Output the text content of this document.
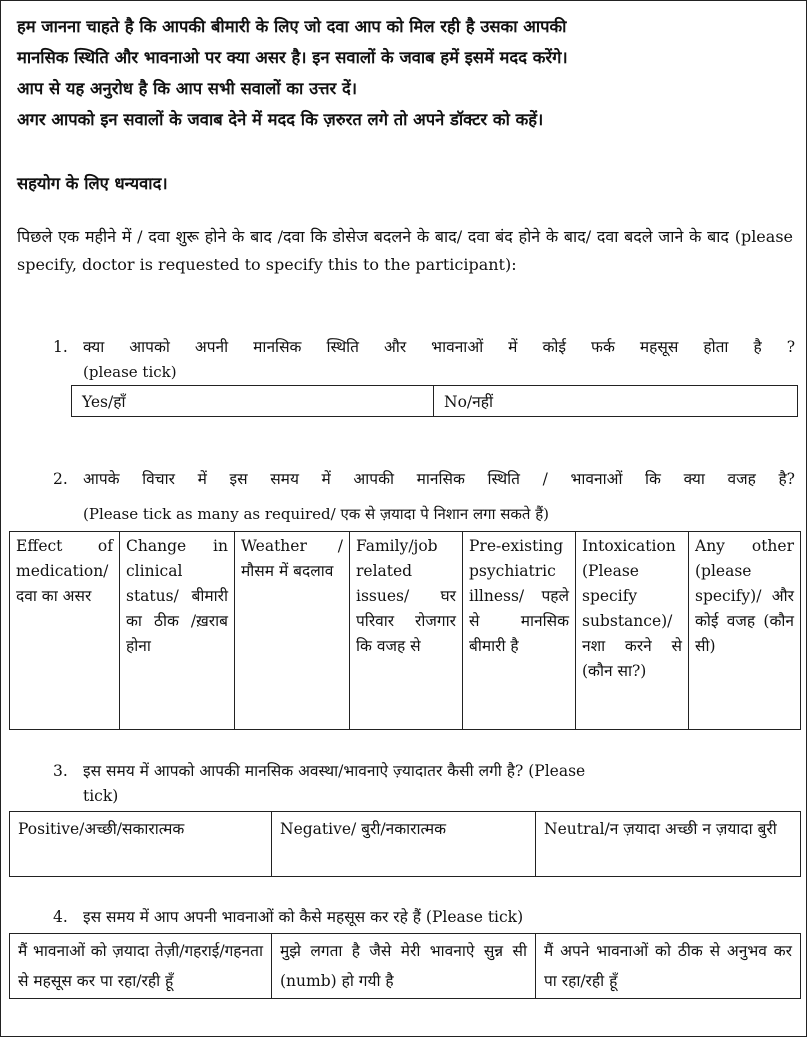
हम जानना चाहते है कि आपकी बीमारी के लिए जो दवा आप को मिल रही है उसका आपकी
मानसिक स्थिति और भावनाओ पर क्या असर है। इन सवालों के जवाब हमें इसमें मदद करेंगे।
आप से यह अनुरोध है कि आप सभी सवालों का उत्तर दें।
अगर आपको इन सवालों के जवाब देने में मदद कि ज़रुरत लगे तो अपने डॉक्टर को कहें।
सहयोग के लिए धन्यवाद।
पिछले एक महीने में / दवा शुरू होने के बाद /दवा कि डोसेज बदलने के बाद/ दवा बंद होने के बाद/ दवा बदले जाने के बाद (please specify, doctor is requested to specify this to the participant):
1. क्या आपको अपनी मानसिक स्थिति और भावनाओं में कोई फर्क महसूस होता है ?
(please tick)
Yes/हाँ	No/नहीं
2. आपके विचार में इस समय में आपकी मानसिक स्थिति / भावनाओं कि क्या वजह है?
(Please tick as many as required/ एक से ज़यादा पे निशान लगा सकते हैं)
Effect of medication/ दवा का असर	Change in clinical status/ बीमारी का ठीक /ख़राब होना	Weather / मौसम में बदलाव	Family/job related issues/ घर परिवार रोजगार कि वजह से	Pre-existing psychiatric illness/ पहले से मानसिक बीमारी है	Intoxication (Please specify substance)/ नशा करने से (कौन सा?)	Any other (please specify)/ और कोई वजह (कौन सी)
3. इस समय में आपको आपकी मानसिक अवस्था/भावनाऐ ज़्यादातर कैसी लगी है? (Please
tick)
Positive/अच्छी/सकारात्मक	Negative/ बुरी/नकारात्मक	Neutral/न ज़यादा अच्छी न ज़यादा बुरी
4. इस समय में आप अपनी भावनाओं को कैसे महसूस कर रहे हैं (Please tick)
मैं भावनाओं को ज़यादा तेज़ी/गहराई/गहनता से महसूस कर पा रहा/रही हूँ	मुझे लगता है जैसे मेरी भावनाऐ सुन्न सी (numb) हो गयी है	मैं अपने भावनाओं को ठीक से अनुभव कर पा रहा/रही हूँ
